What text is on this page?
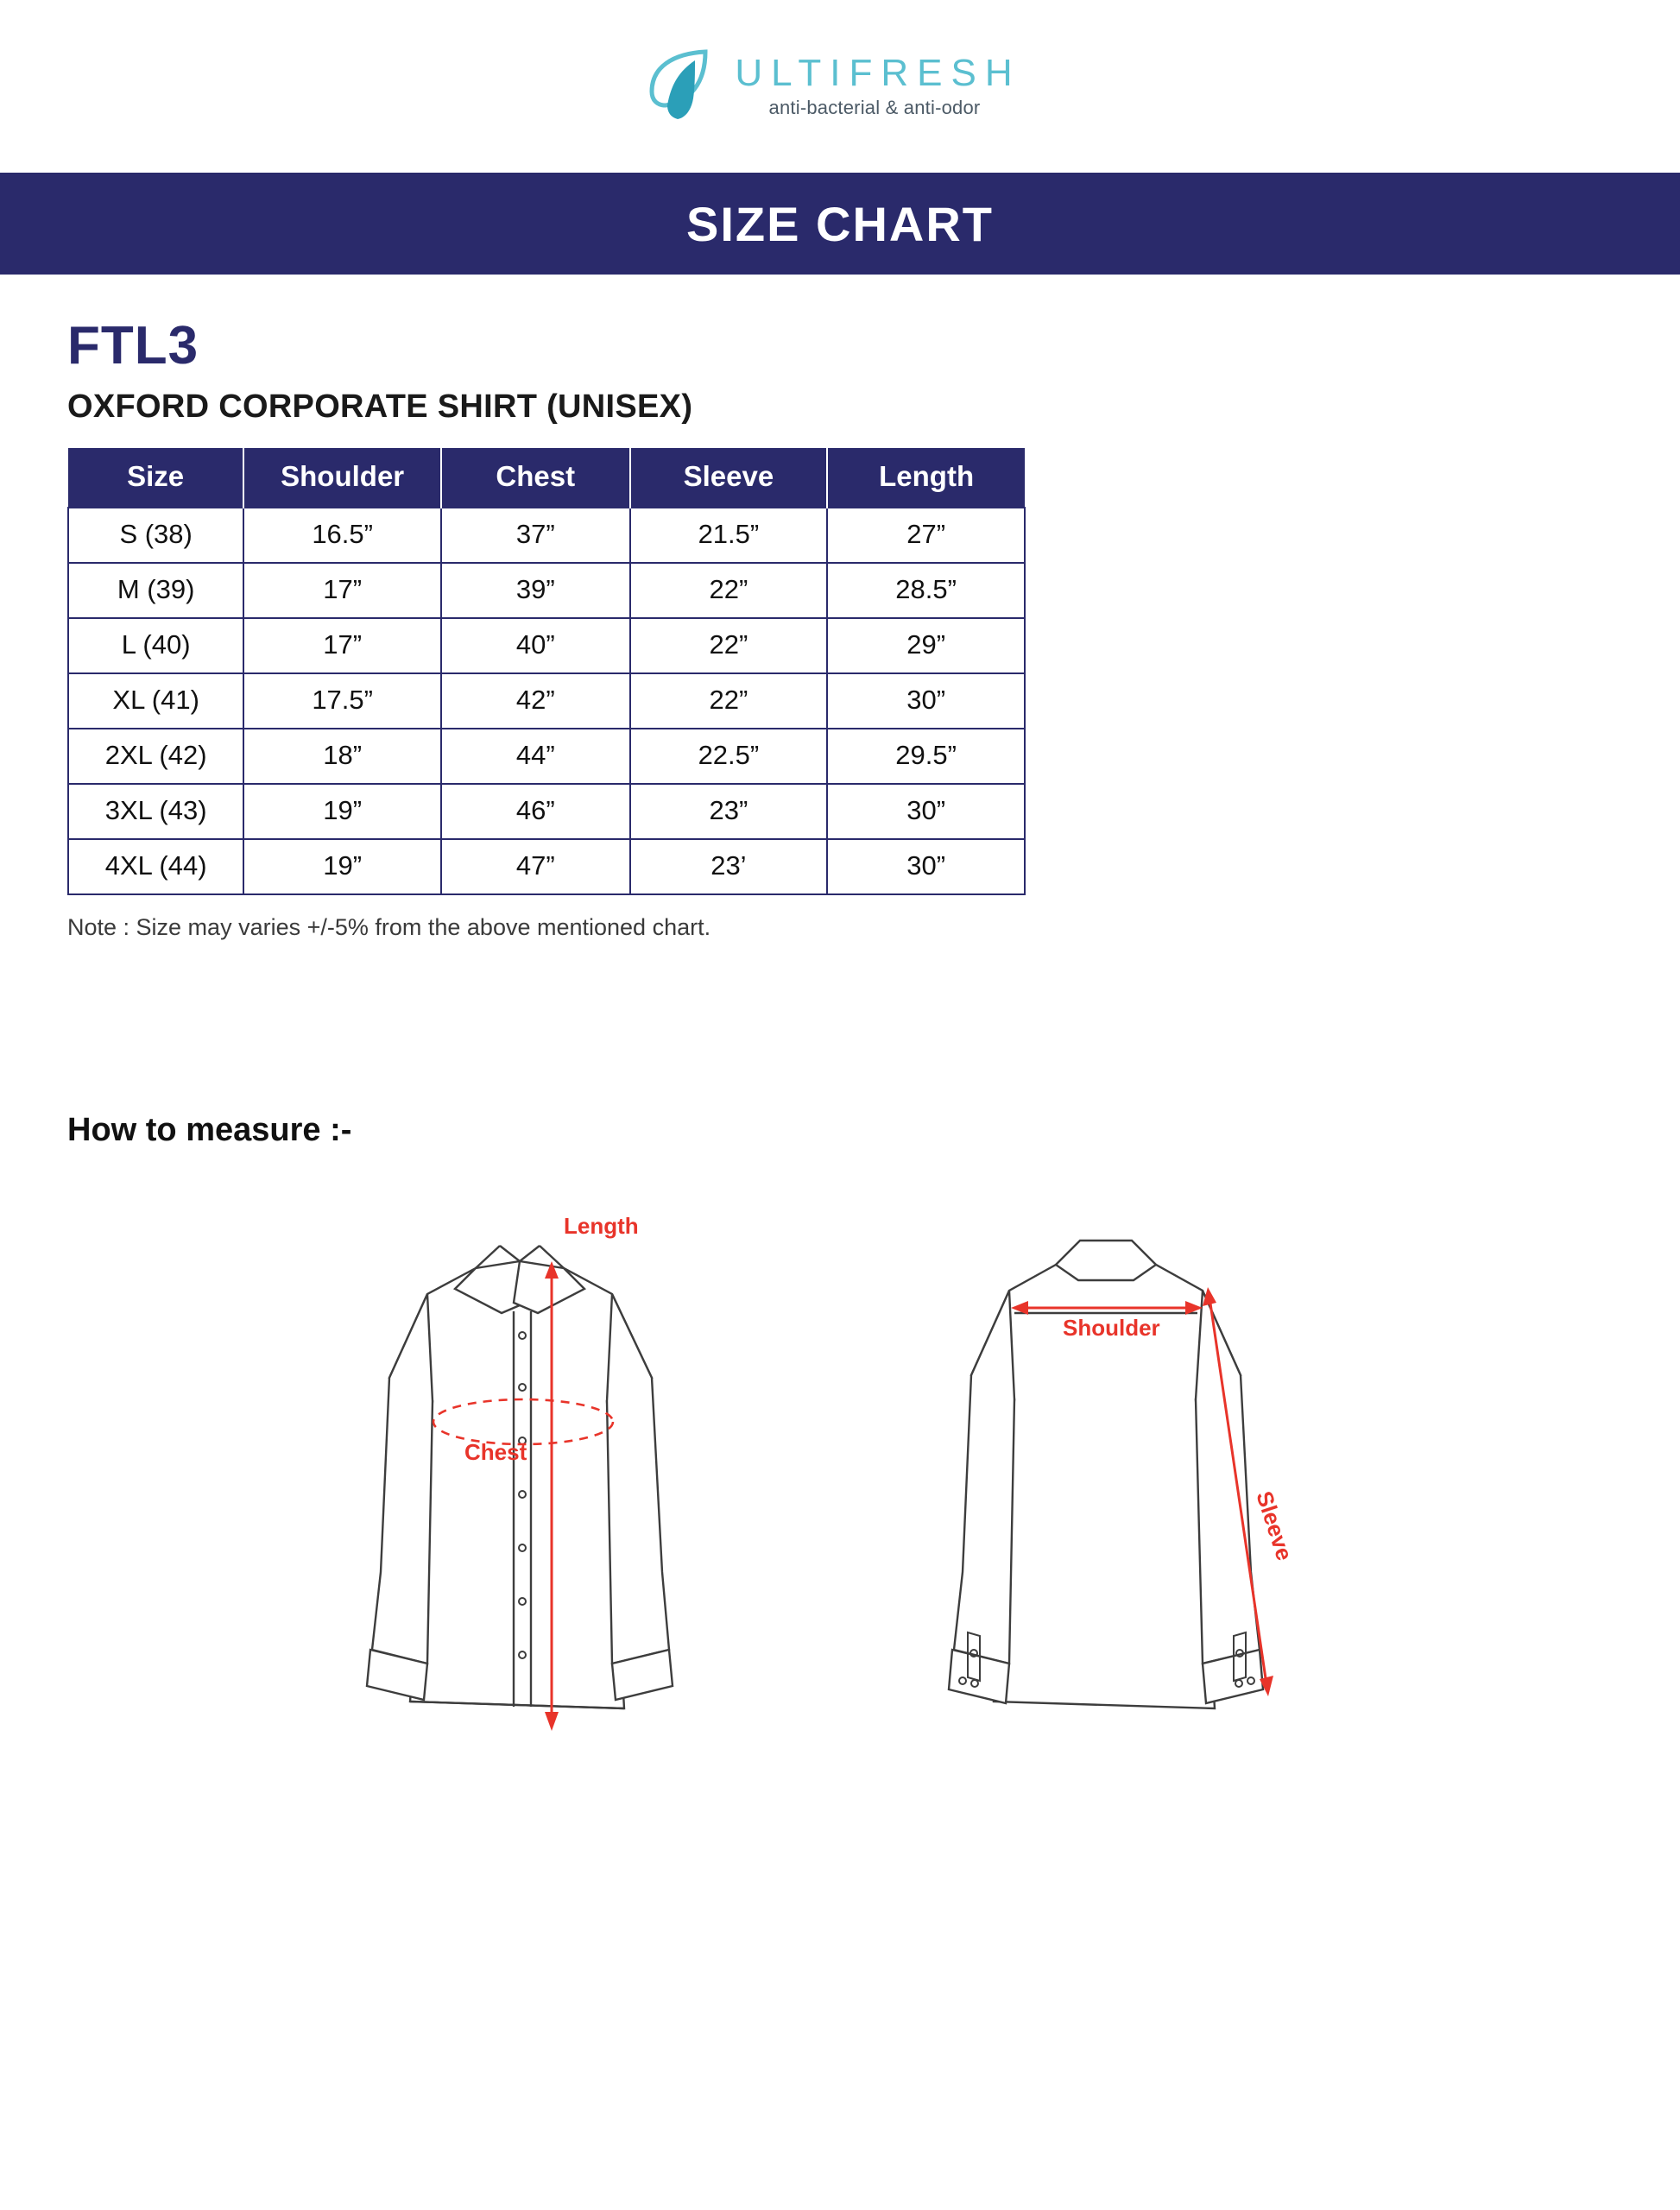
ULTIFRESH
anti-bacterial & anti-odor
SIZE CHART
FTL3
OXFORD CORPORATE SHIRT (UNISEX)
Size	Shoulder	Chest	Sleeve	Length
S (38)	16.5”	37”	21.5”	27”
M (39)	17”	39”	22”	28.5”
L (40)	17”	40”	22”	29”
XL (41)	17.5”	42”	22”	30”
2XL (42)	18”	44”	22.5”	29.5”
3XL (43)	19”	46”	23”	30”
4XL (44)	19”	47”	23’	30”
Note : Size may varies +/-5% from the above mentioned chart.
How to measure :-
Length
Chest
Shoulder
Sleeve
